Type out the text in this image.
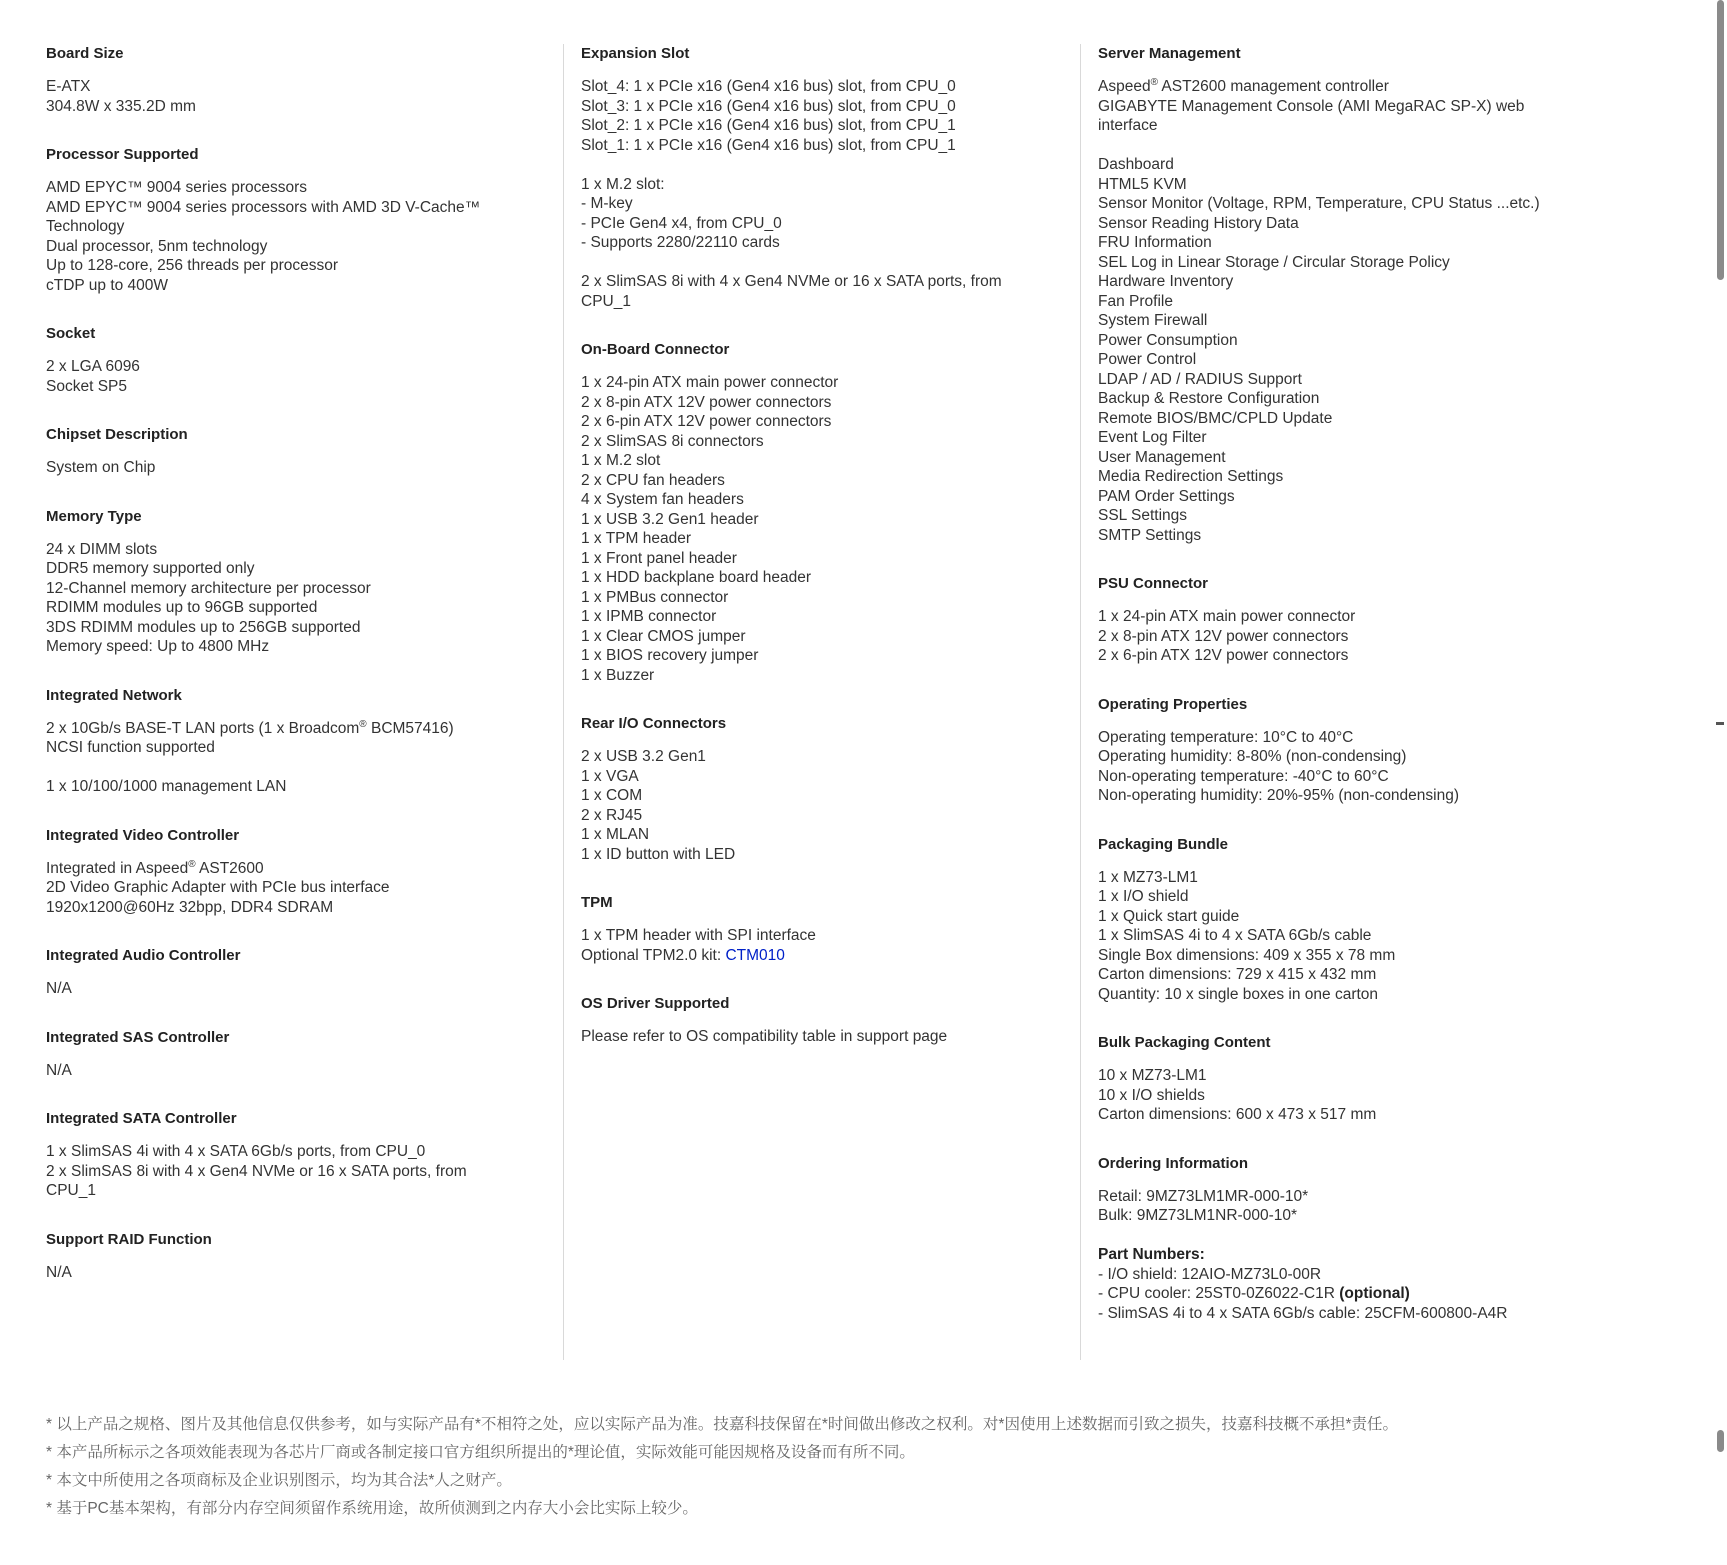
Board Size
E-ATX
304.8W x 335.2D mm
Processor Supported
AMD EPYC™ 9004 series processors
AMD EPYC™ 9004 series processors with AMD 3D V-Cache™
Technology
Dual processor, 5nm technology
Up to 128-core, 256 threads per processor
cTDP up to 400W
Socket
2 x LGA 6096
Socket SP5
Chipset Description
System on Chip
Memory Type
24 x DIMM slots
DDR5 memory supported only
12-Channel memory architecture per processor
RDIMM modules up to 96GB supported
3DS RDIMM modules up to 256GB supported
Memory speed: Up to 4800 MHz
Integrated Network
2 x 10Gb/s BASE-T LAN ports (1 x Broadcom® BCM57416)
NCSI function supported
1 x 10/100/1000 management LAN
Integrated Video Controller
Integrated in Aspeed® AST2600
2D Video Graphic Adapter with PCIe bus interface
1920x1200@60Hz 32bpp, DDR4 SDRAM
Integrated Audio Controller
N/A
Integrated SAS Controller
N/A
Integrated SATA Controller
1 x SlimSAS 4i with 4 x SATA 6Gb/s ports, from CPU_0
2 x SlimSAS 8i with 4 x Gen4 NVMe or 16 x SATA ports, from
CPU_1
Support RAID Function
N/A
Expansion Slot
Slot_4: 1 x PCIe x16 (Gen4 x16 bus) slot, from CPU_0
Slot_3: 1 x PCIe x16 (Gen4 x16 bus) slot, from CPU_0
Slot_2: 1 x PCIe x16 (Gen4 x16 bus) slot, from CPU_1
Slot_1: 1 x PCIe x16 (Gen4 x16 bus) slot, from CPU_1
1 x M.2 slot:
- M-key
- PCIe Gen4 x4, from CPU_0
- Supports 2280/22110 cards
2 x SlimSAS 8i with 4 x Gen4 NVMe or 16 x SATA ports, from
CPU_1
On-Board Connector
1 x 24-pin ATX main power connector
2 x 8-pin ATX 12V power connectors
2 x 6-pin ATX 12V power connectors
2 x SlimSAS 8i connectors
1 x M.2 slot
2 x CPU fan headers
4 x System fan headers
1 x USB 3.2 Gen1 header
1 x TPM header
1 x Front panel header
1 x HDD backplane board header
1 x PMBus connector
1 x IPMB connector
1 x Clear CMOS jumper
1 x BIOS recovery jumper
1 x Buzzer
Rear I/O Connectors
2 x USB 3.2 Gen1
1 x VGA
1 x COM
2 x RJ45
1 x MLAN
1 x ID button with LED
TPM
1 x TPM header with SPI interface
Optional TPM2.0 kit: CTM010
OS Driver Supported
Please refer to OS compatibility table in support page
Server Management
Aspeed® AST2600 management controller
GIGABYTE Management Console (AMI MegaRAC SP-X) web
interface
Dashboard
HTML5 KVM
Sensor Monitor (Voltage, RPM, Temperature, CPU Status ...etc.)
Sensor Reading History Data
FRU Information
SEL Log in Linear Storage / Circular Storage Policy
Hardware Inventory
Fan Profile
System Firewall
Power Consumption
Power Control
LDAP / AD / RADIUS Support
Backup & Restore Configuration
Remote BIOS/BMC/CPLD Update
Event Log Filter
User Management
Media Redirection Settings
PAM Order Settings
SSL Settings
SMTP Settings
PSU Connector
1 x 24-pin ATX main power connector
2 x 8-pin ATX 12V power connectors
2 x 6-pin ATX 12V power connectors
Operating Properties
Operating temperature: 10°C to 40°C
Operating humidity: 8-80% (non-condensing)
Non-operating temperature: -40°C to 60°C
Non-operating humidity: 20%-95% (non-condensing)
Packaging Bundle
1 x MZ73-LM1
1 x I/O shield
1 x Quick start guide
1 x SlimSAS 4i to 4 x SATA 6Gb/s cable
Single Box dimensions: 409 x 355 x 78 mm
Carton dimensions: 729 x 415 x 432 mm
Quantity: 10 x single boxes in one carton
Bulk Packaging Content
10 x MZ73-LM1
10 x I/O shields
Carton dimensions: 600 x 473 x 517 mm
Ordering Information
Retail: 9MZ73LM1MR-000-10*
Bulk: 9MZ73LM1NR-000-10*
Part Numbers:
- I/O shield: 12AIO-MZ73L0-00R
- CPU cooler: 25ST0-0Z6022-C1R (optional)
- SlimSAS 4i to 4 x SATA 6Gb/s cable: 25CFM-600800-A4R
* 以上产品之规格、图片及其他信息仅供参考，如与实际产品有*不相符之处，应以实际产品为准。技嘉科技保留在*时间做出修改之权利。对*因使用上述数据而引致之损失，技嘉科技概不承担*责任。
* 本产品所标示之各项效能表现为各芯片厂商或各制定接口官方组织所提出的*理论值，实际效能可能因规格及设备而有所不同。
* 本文中所使用之各项商标及企业识别图示，均为其合法*人之财产。
* 基于PC基本架构，有部分内存空间须留作系统用途，故所侦测到之内存大小会比实际上较少。
